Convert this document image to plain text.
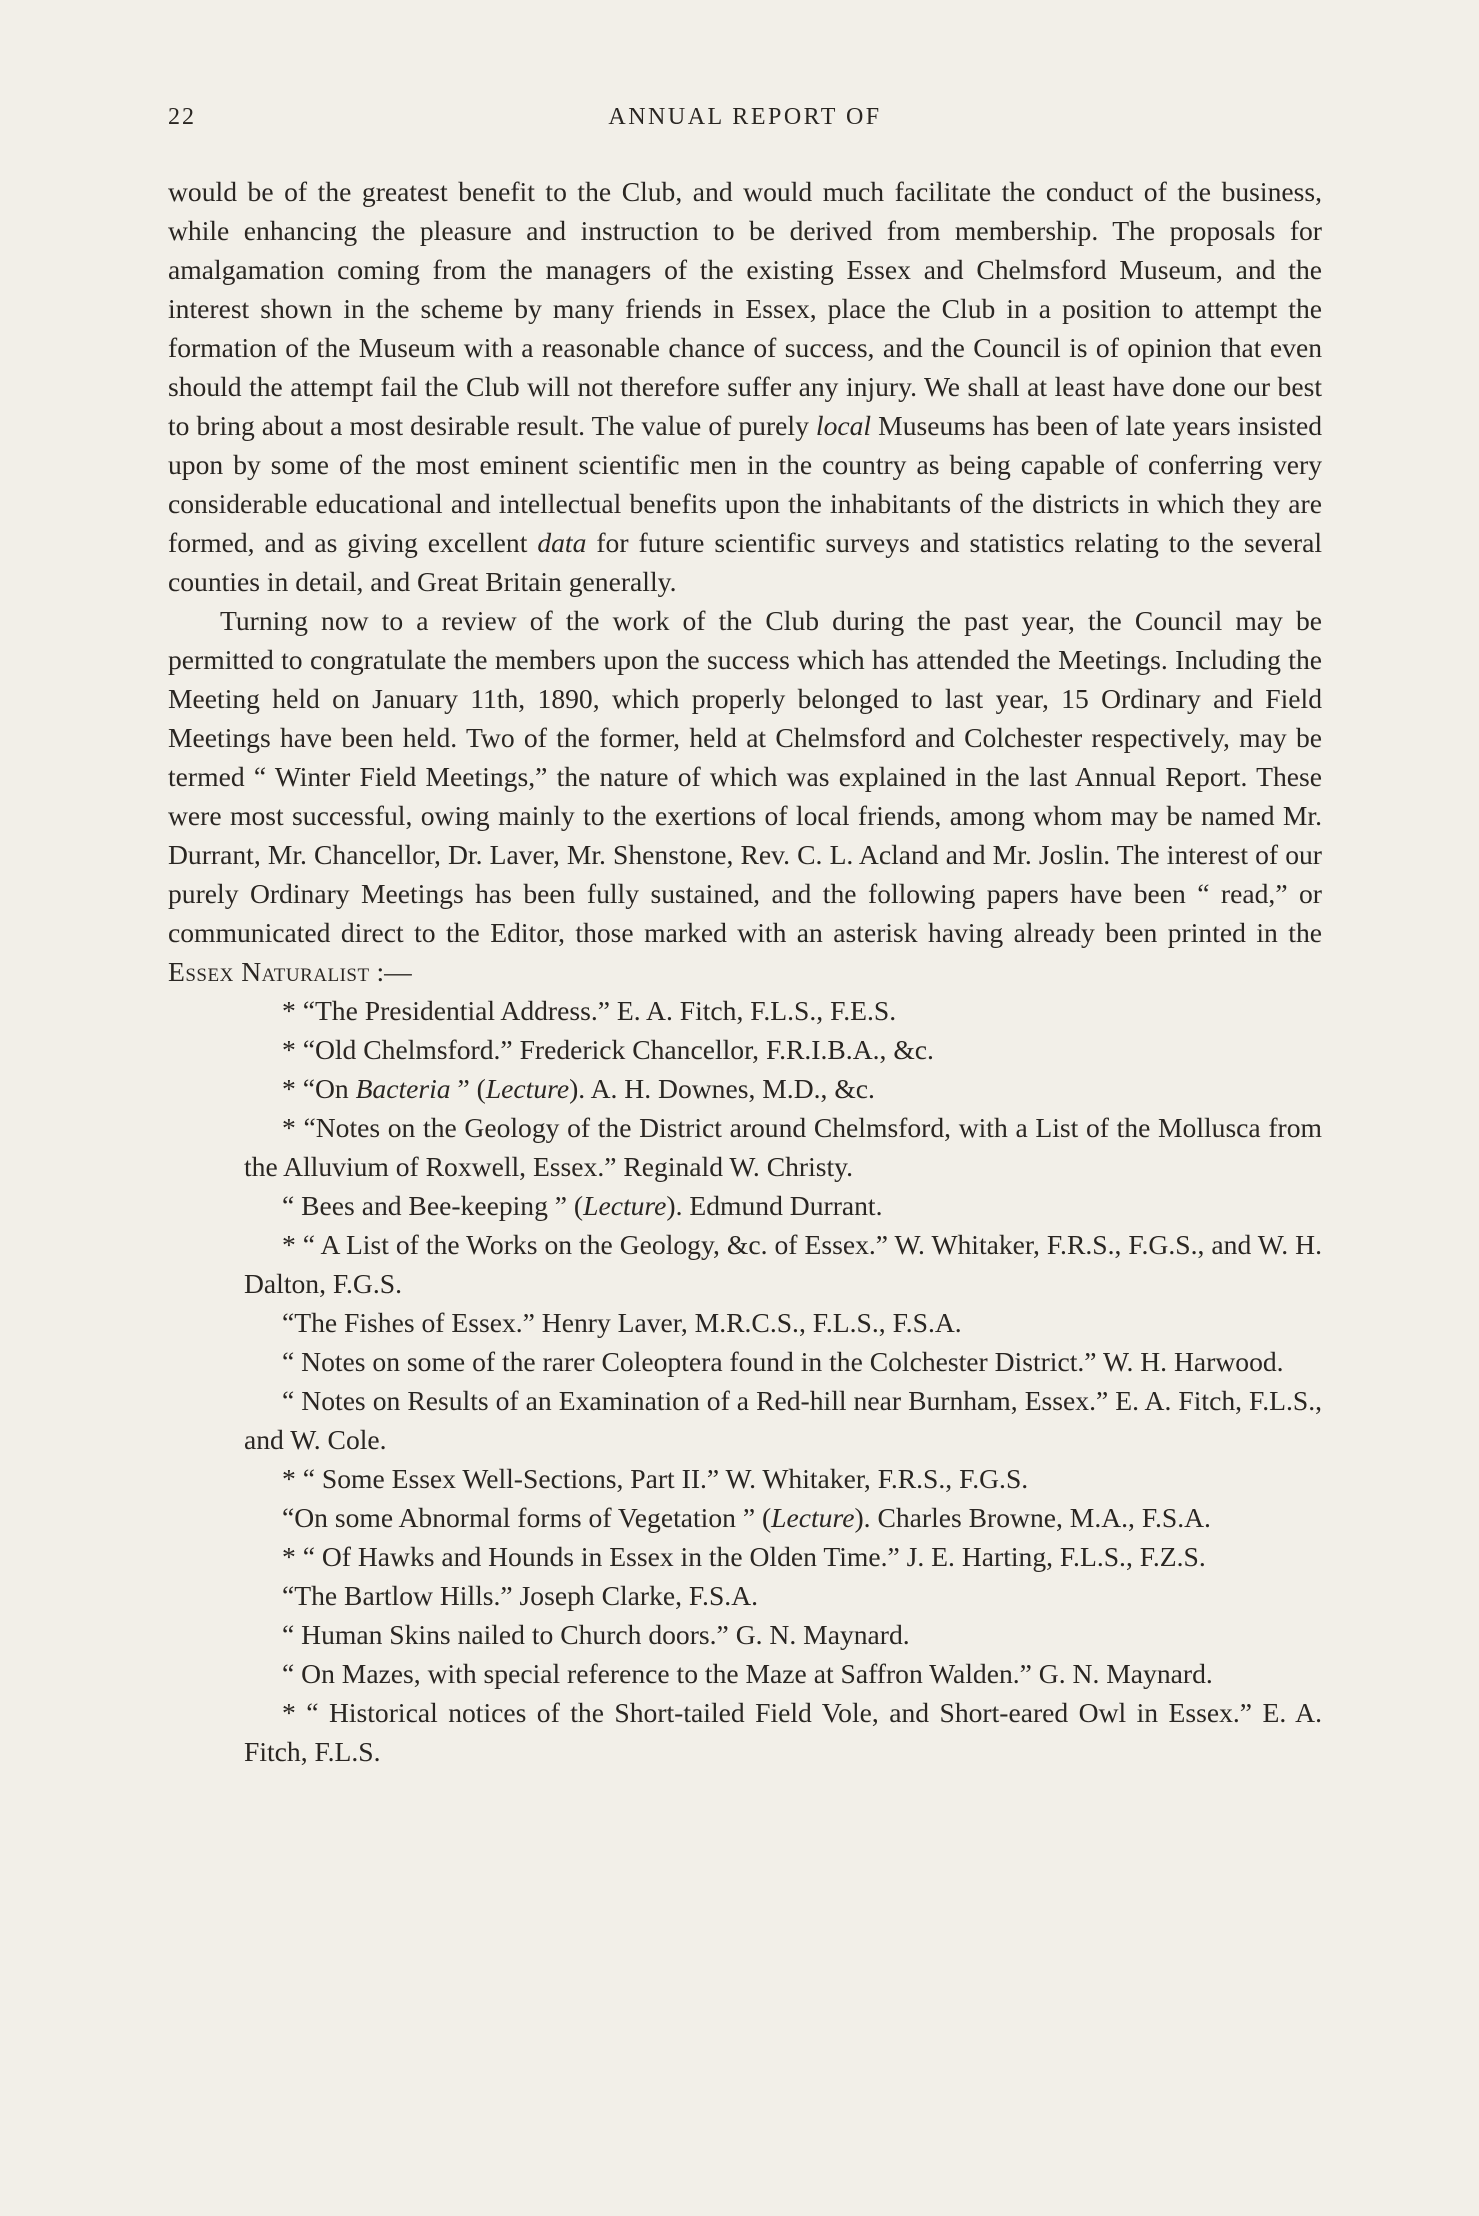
22	ANNUAL REPORT OF

would be of the greatest benefit to the Club, and would much facilitate the conduct of the business, while enhancing the pleasure and instruction to be derived from membership. The proposals for amalgamation coming from the managers of the existing Essex and Chelmsford Museum, and the interest shown in the scheme by many friends in Essex, place the Club in a position to attempt the formation of the Museum with a reasonable chance of success, and the Council is of opinion that even should the attempt fail the Club will not therefore suffer any injury. We shall at least have done our best to bring about a most desirable result. The value of purely local Museums has been of late years insisted upon by some of the most eminent scientific men in the country as being capable of conferring very considerable educational and intellectual benefits upon the inhabitants of the districts in which they are formed, and as giving excellent data for future scientific surveys and statistics relating to the several counties in detail, and Great Britain generally.

Turning now to a review of the work of the Club during the past year, the Council may be permitted to congratulate the members upon the success which has attended the Meetings. Including the Meeting held on January 11th, 1890, which properly belonged to last year, 15 Ordinary and Field Meetings have been held. Two of the former, held at Chelmsford and Colchester respectively, may be termed “ Winter Field Meetings,” the nature of which was explained in the last Annual Report. These were most successful, owing mainly to the exertions of local friends, among whom may be named Mr. Durrant, Mr. Chancellor, Dr. Laver, Mr. Shenstone, Rev. C. L. Acland and Mr. Joslin. The interest of our purely Ordinary Meetings has been fully sustained, and the following papers have been “ read,” or communicated direct to the Editor, those marked with an asterisk having already been printed in the Essex Naturalist :—

* “The Presidential Address.” E. A. Fitch, F.L.S., F.E.S.
* “Old Chelmsford.” Frederick Chancellor, F.R.I.B.A., &c.
* “On Bacteria ” (Lecture). A. H. Downes, M.D., &c.
* “Notes on the Geology of the District around Chelmsford, with a List of the Mollusca from the Alluvium of Roxwell, Essex.” Reginald W. Christy.
“ Bees and Bee-keeping ” (Lecture). Edmund Durrant.
* “ A List of the Works on the Geology, &c. of Essex.” W. Whitaker, F.R.S., F.G.S., and W. H. Dalton, F.G.S.
“The Fishes of Essex.” Henry Laver, M.R.C.S., F.L.S., F.S.A.
“ Notes on some of the rarer Coleoptera found in the Colchester District.” W. H. Harwood.
“ Notes on Results of an Examination of a Red-hill near Burnham, Essex.” E. A. Fitch, F.L.S., and W. Cole.
* “ Some Essex Well-Sections, Part II.” W. Whitaker, F.R.S., F.G.S.
“On some Abnormal forms of Vegetation ” (Lecture). Charles Browne, M.A., F.S.A.
* “ Of Hawks and Hounds in Essex in the Olden Time.” J. E. Harting, F.L.S., F.Z.S.
“The Bartlow Hills.” Joseph Clarke, F.S.A.
“ Human Skins nailed to Church doors.” G. N. Maynard.
“ On Mazes, with special reference to the Maze at Saffron Walden.” G. N. Maynard.
* “ Historical notices of the Short-tailed Field Vole, and Short-eared Owl in Essex.” E. A. Fitch, F.L.S.
